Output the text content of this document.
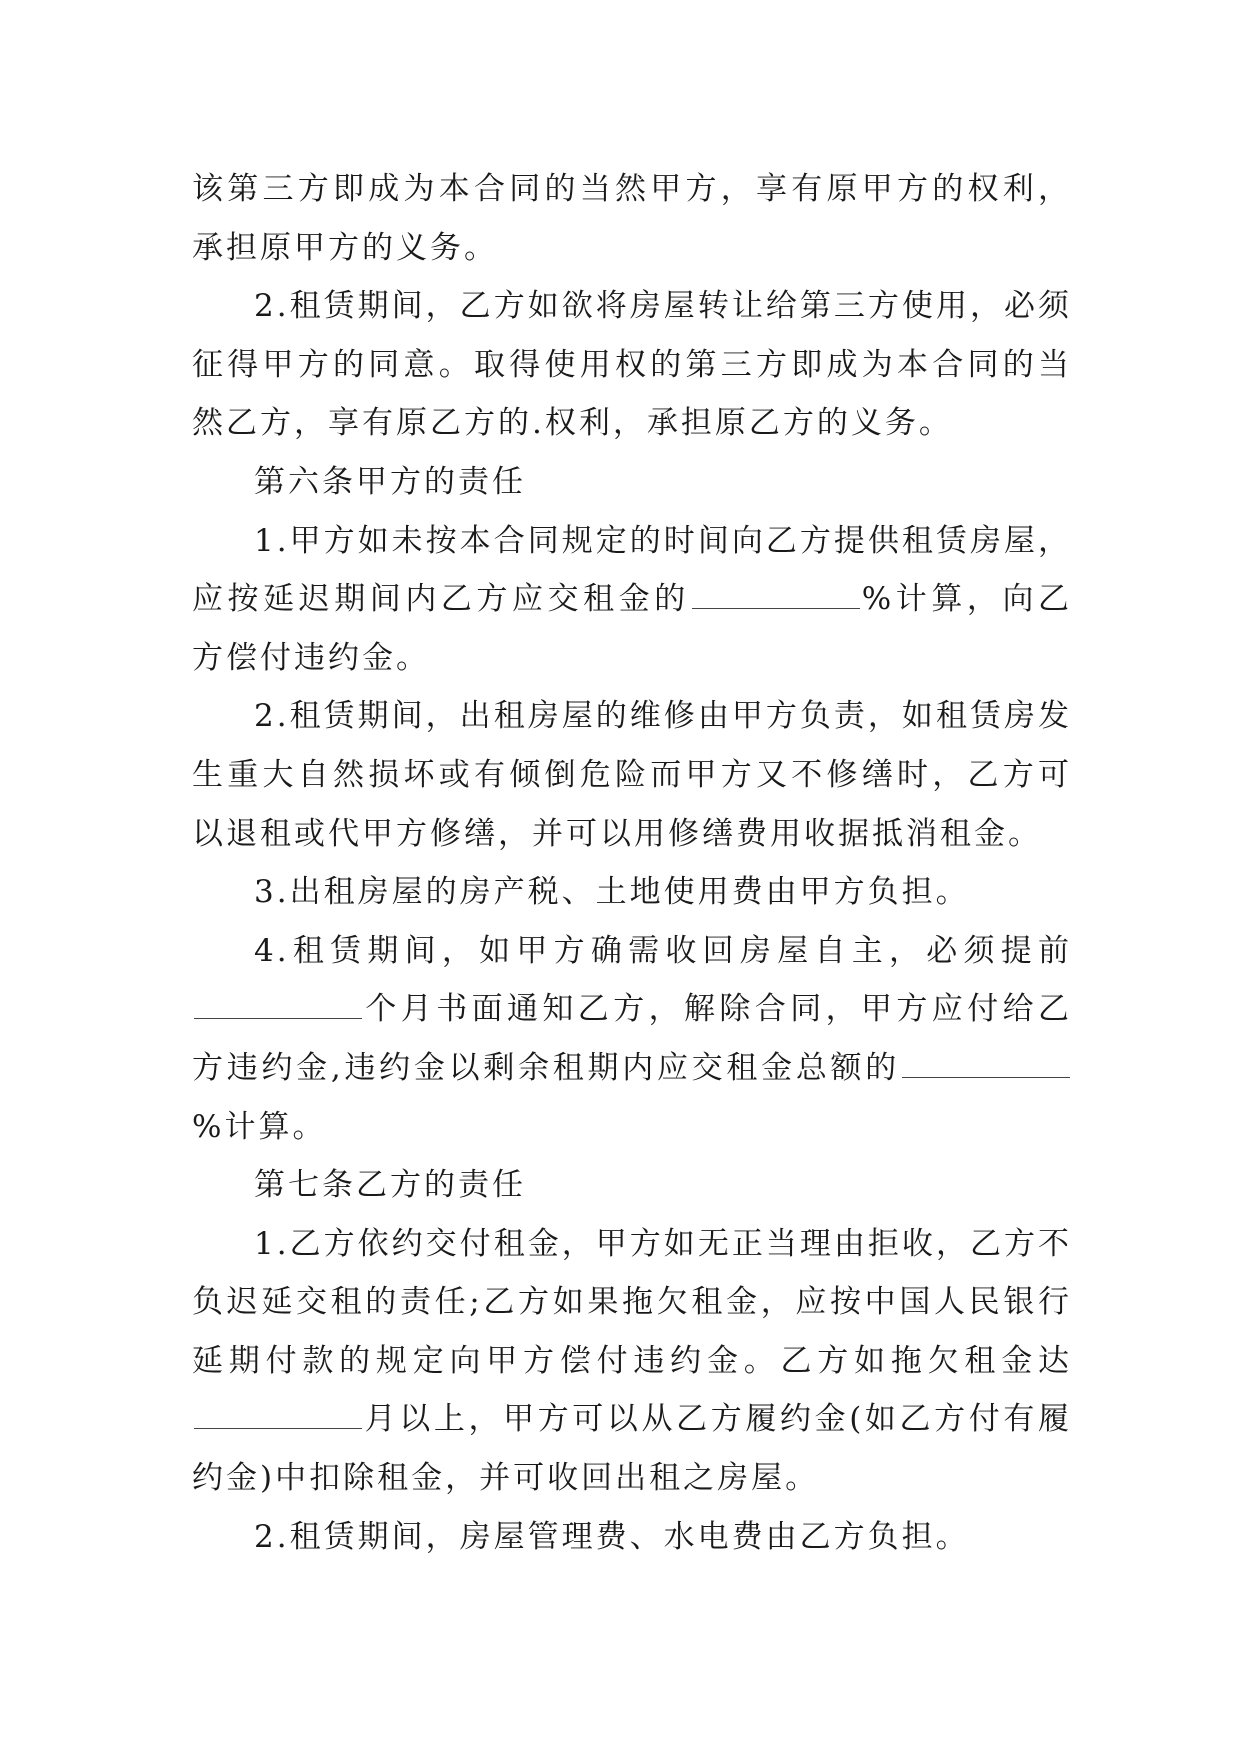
该第三方即成为本合同的当然甲方，享有原甲方的权利，承担原甲方的义务。

2.租赁期间，乙方如欲将房屋转让给第三方使用，必须征得甲方的同意。取得使用权的第三方即成为本合同的当然乙方，享有原乙方的.权利，承担原乙方的义务。

第六条甲方的责任

1.甲方如未按本合同规定的时间向乙方提供租赁房屋，应按延迟期间内乙方应交租金的	%计算，向乙方偿付违约金。

2.租赁期间，出租房屋的维修由甲方负责，如租赁房发生重大自然损坏或有倾倒危险而甲方又不修缮时，乙方可以退租或代甲方修缮，并可以用修缮费用收据抵消租金。

3.出租房屋的房产税、土地使用费由甲方负担。

4.租赁期间，如甲方确需收回房屋自主，必须提前个月书面通知乙方，解除合同，甲方应付给乙方违约金,违约金以剩余租期内应交租金总额的%计算。

第七条乙方的责任

1.乙方依约交付租金，甲方如无正当理由拒收，乙方不负迟延交租的责任;乙方如果拖欠租金，应按中国人民银行延期付款的规定向甲方偿付违约金。乙方如拖欠租金达月以上，甲方可以从乙方履约金(如乙方付有履约金)中扣除租金，并可收回出租之房屋。

2.租赁期间，房屋管理费、水电费由乙方负担。
